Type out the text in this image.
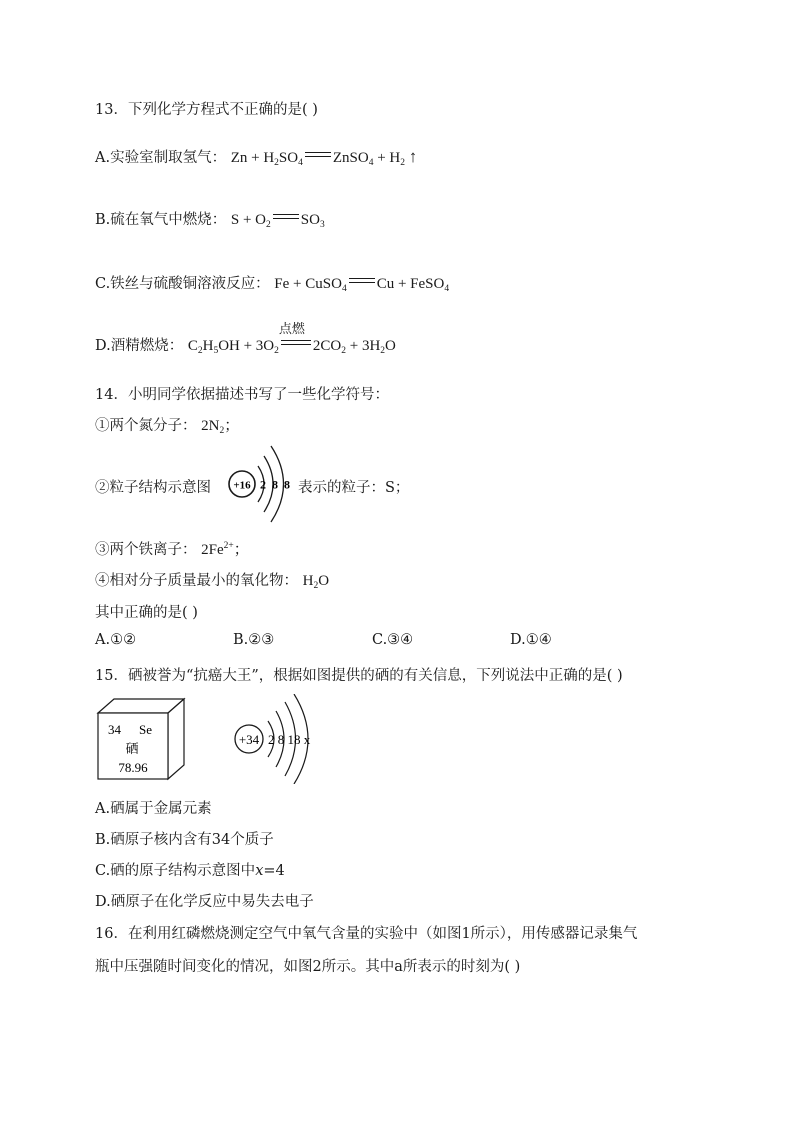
13．下列化学方程式不正确的是( )
A.实验室制取氢气： $Zn + H_2SO_4$ ZnSO$_4$ + $H_2$ ↑
B.硫在氧气中燃烧： $S + O_2$ $SO_3$
C.铁丝与硫酸铜溶液反应： Fe + CuSO$_4$ Cu + FeSO$_4$
D.酒精燃烧： $C_2H_5OH + 3O_2$
点燃
$2CO_2 + 3H_2O$
14．小明同学依据描述书写了一些化学符号：
①两个氮分子： $2N_2$；
②粒子结构示意图 +16 2 8 8 表示的粒子：S；
③两个铁离子： $2Fe^{2+}$；
④相对分子质量最小的氧化物： $H_2O$
其中正确的是( )
A.①②	B.②③	C.③④	D.①④
15．硒被誉为“抗癌大王”，根据如图提供的硒的有关信息，下列说法中正确的是( )
34 Se
硒
78.96
+34 2 8 18 x
A.硒属于金属元素
B.硒原子核内含有34个质子
C.硒的原子结构示意图中x=4
D.硒原子在化学反应中易失去电子
16．在利用红磷燃烧测定空气中氧气含量的实验中（如图1所示），用传感器记录集气
瓶中压强随时间变化的情况，如图2所示。其中a所表示的时刻为( )
